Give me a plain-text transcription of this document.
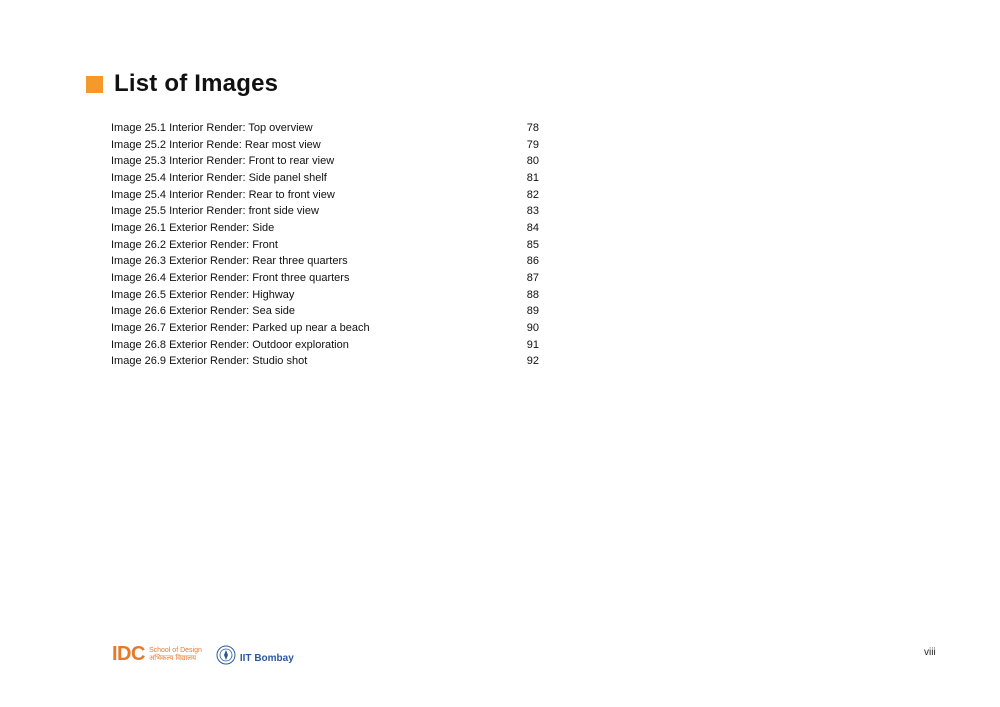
List of Images
Image 25.1 Interior Render: Top overview	78
Image 25.2 Interior Rende: Rear most view	79
Image 25.3 Interior Render: Front to rear view	80
Image 25.4 Interior Render: Side panel shelf	81
Image 25.4 Interior Render: Rear to front view	82
Image 25.5 Interior Render: front side view	83
Image 26.1 Exterior Render: Side	84
Image 26.2 Exterior Render: Front	85
Image 26.3 Exterior Render: Rear three quarters	86
Image 26.4 Exterior Render: Front three quarters	87
Image 26.5 Exterior Render: Highway	88
Image 26.6 Exterior Render: Sea side	89
Image 26.7 Exterior Render: Parked up near a beach	90
Image 26.8 Exterior Render: Outdoor exploration	91
Image 26.9 Exterior Render: Studio shot	92
IDC School of Design
अभिकल्प विद्यालय	IIT Bombay
viii
